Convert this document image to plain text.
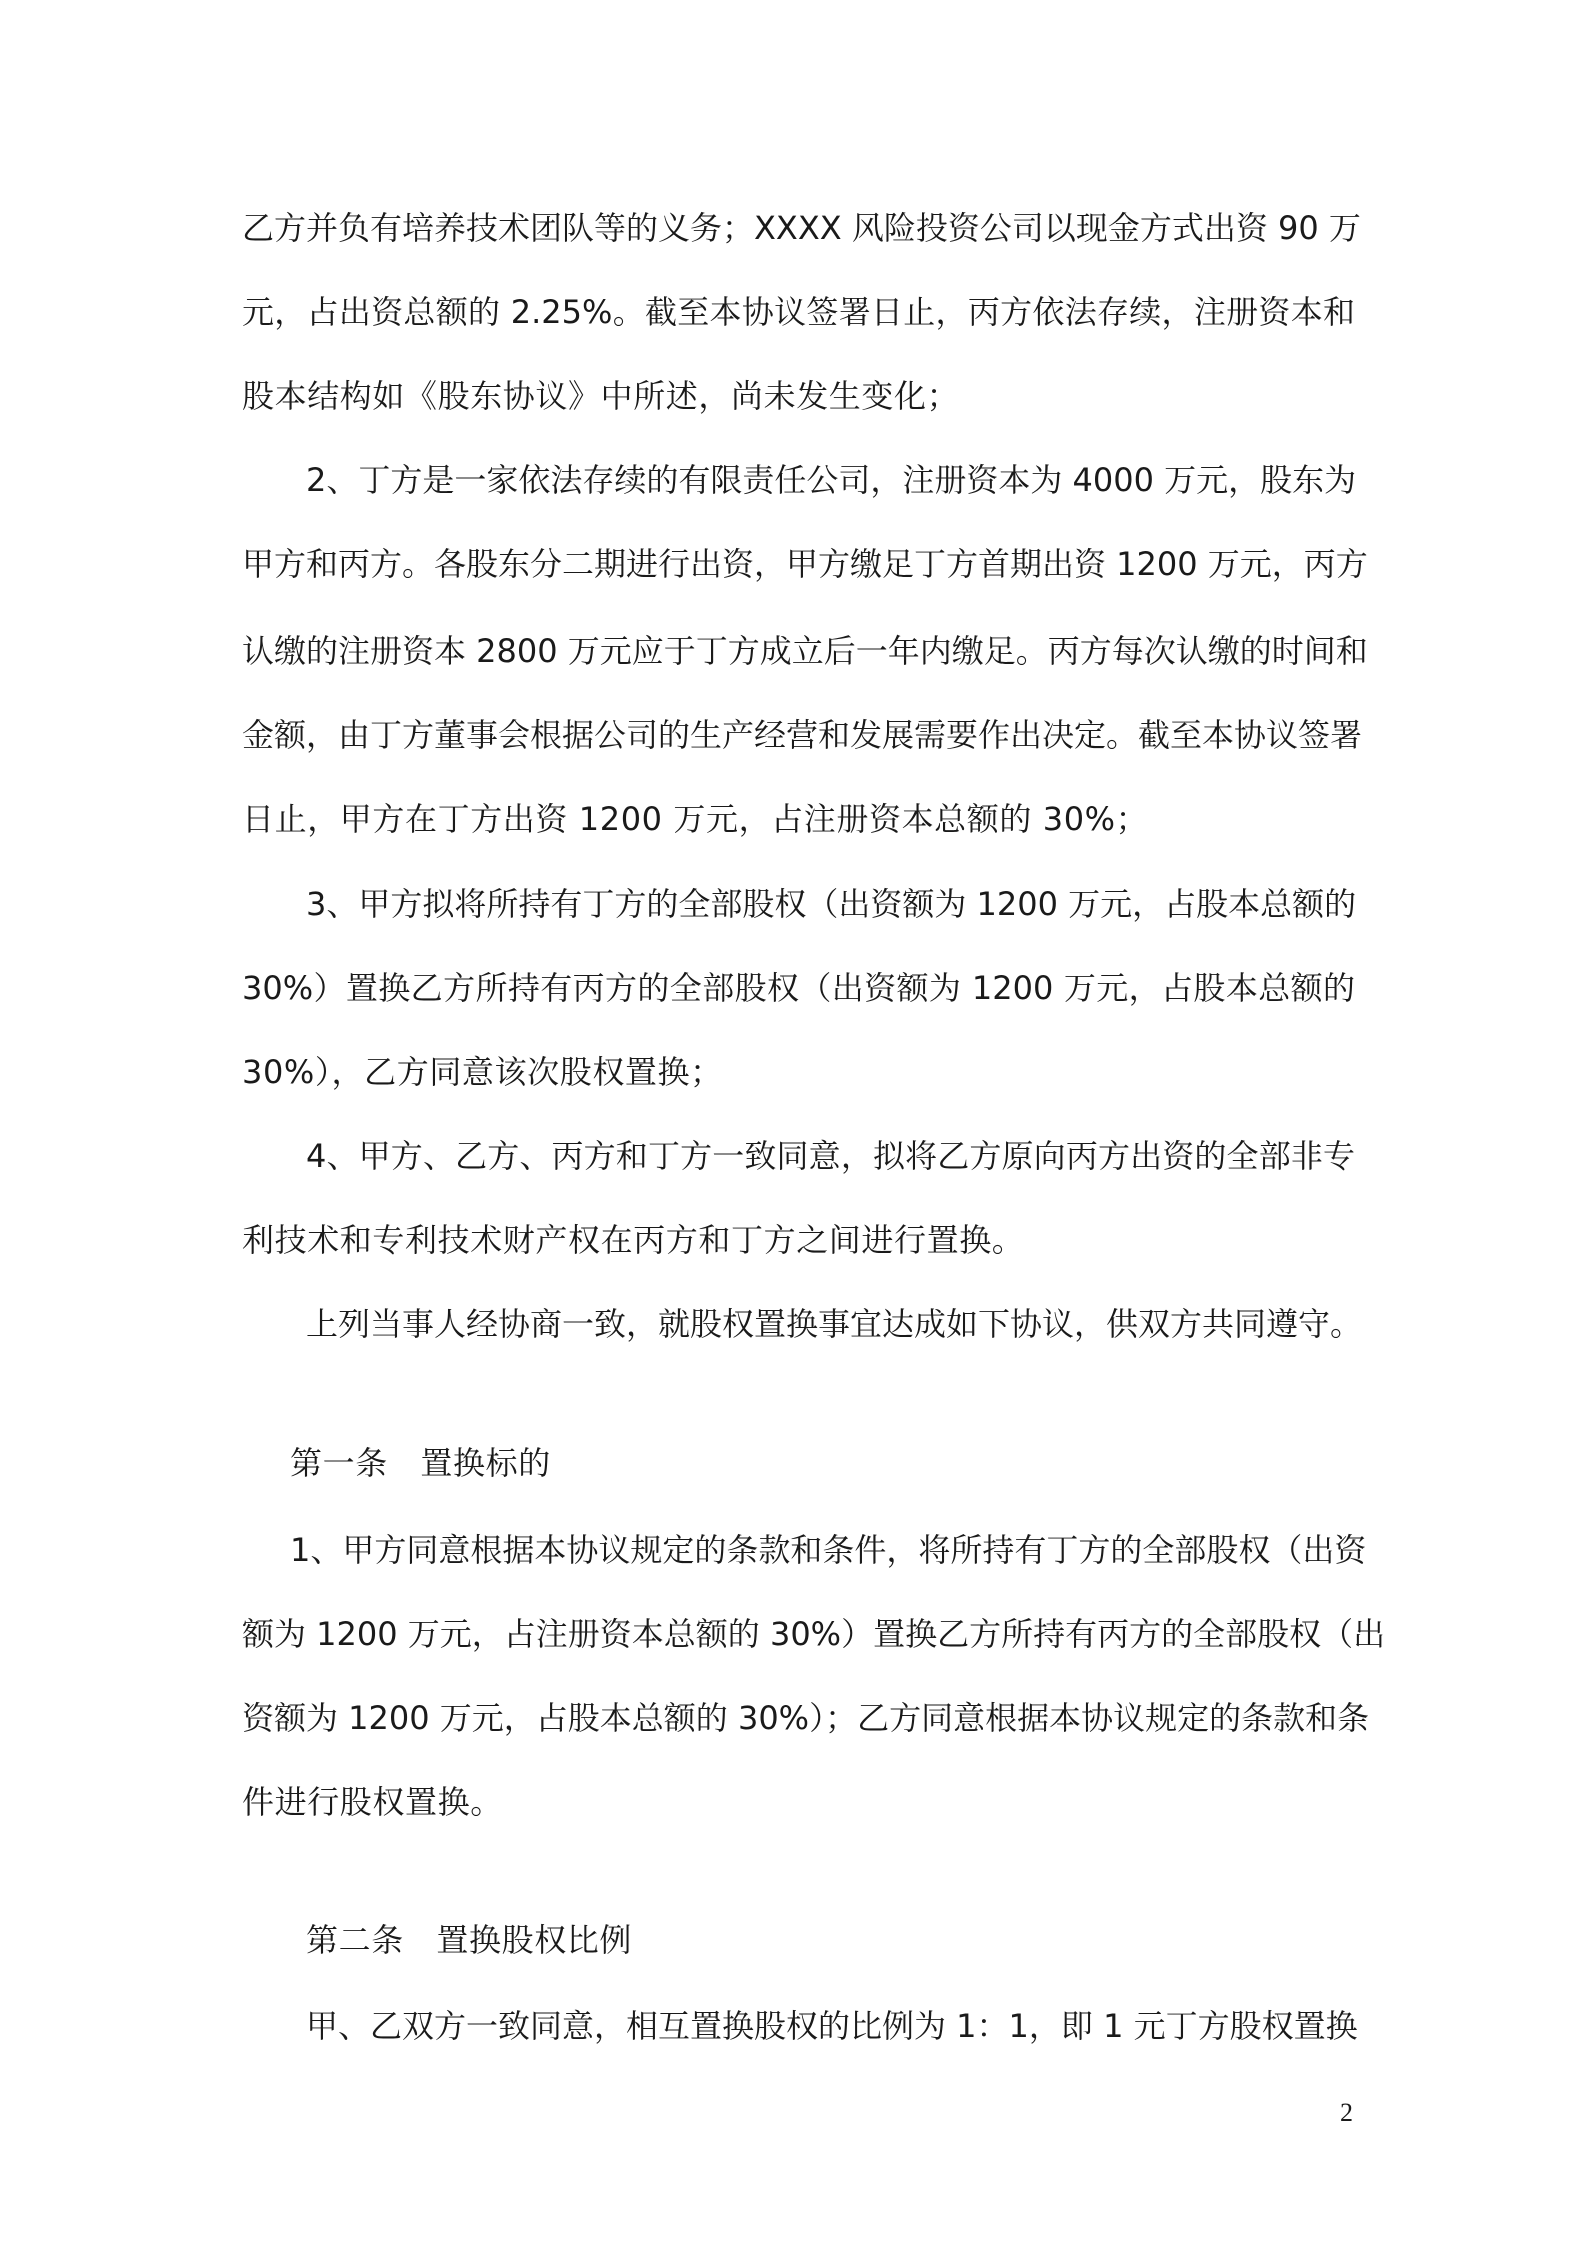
乙方并负有培养技术团队等的义务；XXXX 风险投资公司以现金方式出资 90 万
元，占出资总额的 2.25%。截至本协议签署日止，丙方依法存续，注册资本和
股本结构如《股东协议》中所述，尚未发生变化；
2、丁方是一家依法存续的有限责任公司，注册资本为 4000 万元，股东为
甲方和丙方。各股东分二期进行出资，甲方缴足丁方首期出资 1200 万元，丙方
认缴的注册资本 2800 万元应于丁方成立后一年内缴足。丙方每次认缴的时间和
金额，由丁方董事会根据公司的生产经营和发展需要作出决定。截至本协议签署
日止，甲方在丁方出资 1200 万元，占注册资本总额的 30%；
3、甲方拟将所持有丁方的全部股权（出资额为 1200 万元，占股本总额的
30%）置换乙方所持有丙方的全部股权（出资额为 1200 万元，占股本总额的
30%），乙方同意该次股权置换；
4、甲方、乙方、丙方和丁方一致同意，拟将乙方原向丙方出资的全部非专
利技术和专利技术财产权在丙方和丁方之间进行置换。
上列当事人经协商一致，就股权置换事宜达成如下协议，供双方共同遵守。
第一条　置换标的
1、甲方同意根据本协议规定的条款和条件，将所持有丁方的全部股权（出资
额为 1200 万元，占注册资本总额的 30%）置换乙方所持有丙方的全部股权（出
资额为 1200 万元，占股本总额的 30%）；乙方同意根据本协议规定的条款和条
件进行股权置换。
第二条　置换股权比例
甲、乙双方一致同意，相互置换股权的比例为 1：1，即 1 元丁方股权置换
2
